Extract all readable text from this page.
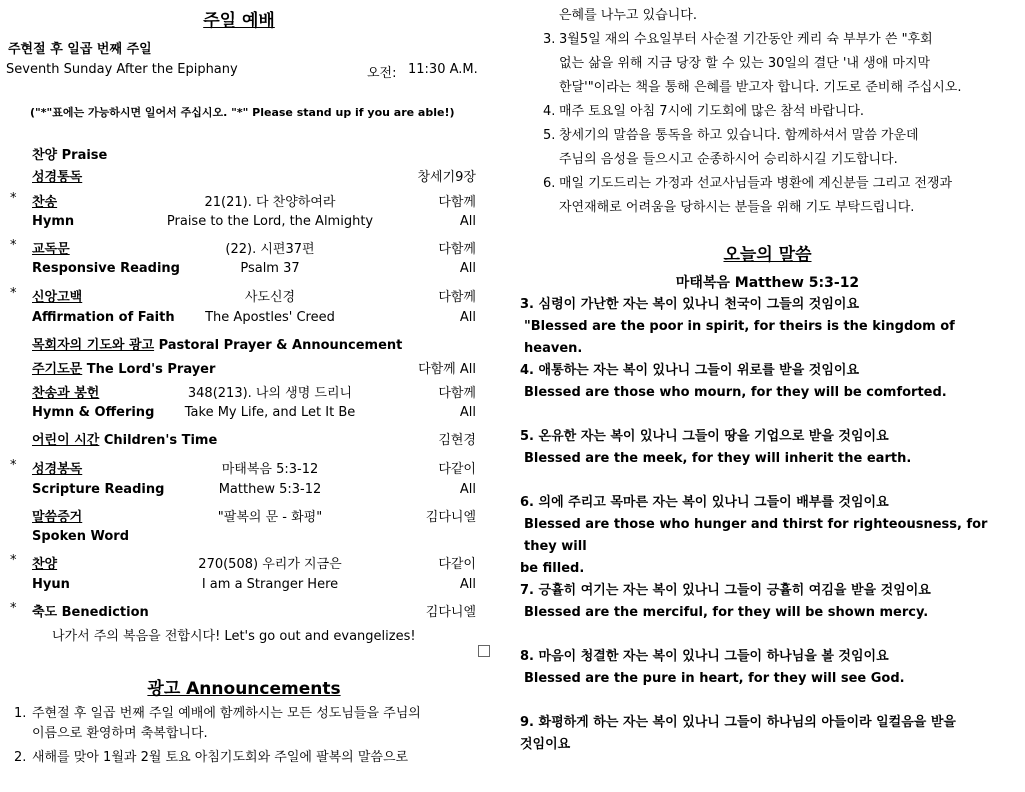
주일 예배
주현절 후 일곱 번째 주일
Seventh Sunday After the Epiphany	오전: 11:30 A.M.
("*"표에는 가능하시면 일어서 주십시오. "*" Please stand up if you are able!)
찬양 Praise
성경통독	창세기9장
* 찬송	21(21). 다 찬양하여라	다함께
Hymn	Praise to the Lord, the Almighty	All
* 교독문	(22). 시편37편	다함께
Responsive Reading	Psalm 37	All
* 신앙고백	사도신경	다함께
Affirmation of Faith	The Apostles' Creed	All
목회자의 기도와 광고 Pastoral Prayer & Announcement
주기도문 The Lord's Prayer	다함께 All
찬송과 봉헌	348(213). 나의 생명 드리니	다함께
Hymn & Offering	Take My Life, and Let It Be	All
어린이 시간 Children's Time	김현경
* 성경봉독	마태복음 5:3-12	다같이
Scripture Reading	Matthew 5:3-12	All
말씀증거	"팔복의 문 - 화평"	김다니엘
Spoken Word
* 찬양	270(508) 우리가 지금은	다같이
Hyun	I am a Stranger Here	All
* 축도 Benediction	김다니엘
나가서 주의 복음을 전합시다! Let's go out and evangelizes!
광고 Announcements
1. 주현절 후 일곱 번째 주일 예배에 함께하시는 모든 성도님들을 주님의
이름으로 환영하며 축복합니다.
2. 새해를 맞아 1월과 2월 토요 아침기도회와 주일에 팔복의 말씀으로
은혜를 나누고 있습니다.
3. 3월5일 재의 수요일부터 사순절 기간동안 케리 슉 부부가 쓴 "후회
없는 삶을 위해 지금 당장 할 수 있는 30일의 결단 '내 생애 마지막
한달'"이라는 책을 통해 은혜를 받고자 합니다. 기도로 준비해 주십시오.
4. 매주 토요일 아침 7시에 기도회에 많은 참석 바랍니다.
5. 창세기의 말씀을 통독을 하고 있습니다. 함께하셔서 말씀 가운데
주님의 음성을 들으시고 순종하시어 승리하시길 기도합니다.
6. 매일 기도드리는 가정과 선교사님들과 병환에 계신분들 그리고 전쟁과
자연재해로 어려움을 당하시는 분들을 위해 기도 부탁드립니다.
오늘의 말씀
마태복음 Matthew 5:3-12
3. 심령이 가난한 자는 복이 있나니 천국이 그들의 것임이요
"Blessed are the poor in spirit, for theirs is the kingdom of heaven.
4. 애통하는 자는 복이 있나니 그들이 위로를 받을 것임이요
Blessed are those who mourn, for they will be comforted.
5. 온유한 자는 복이 있나니 그들이 땅을 기업으로 받을 것임이요
Blessed are the meek, for they will inherit the earth.
6. 의에 주리고 목마른 자는 복이 있나니 그들이 배부를 것임이요
Blessed are those who hunger and thirst for righteousness, for they will
be filled.
7. 긍휼히 여기는 자는 복이 있나니 그들이 긍휼히 여김을 받을 것임이요
Blessed are the merciful, for they will be shown mercy.
8. 마음이 청결한 자는 복이 있나니 그들이 하나님을 볼 것임이요
Blessed are the pure in heart, for they will see God.
9. 화평하게 하는 자는 복이 있나니 그들이 하나님의 아들이라 일컬음을 받을
것임이요
